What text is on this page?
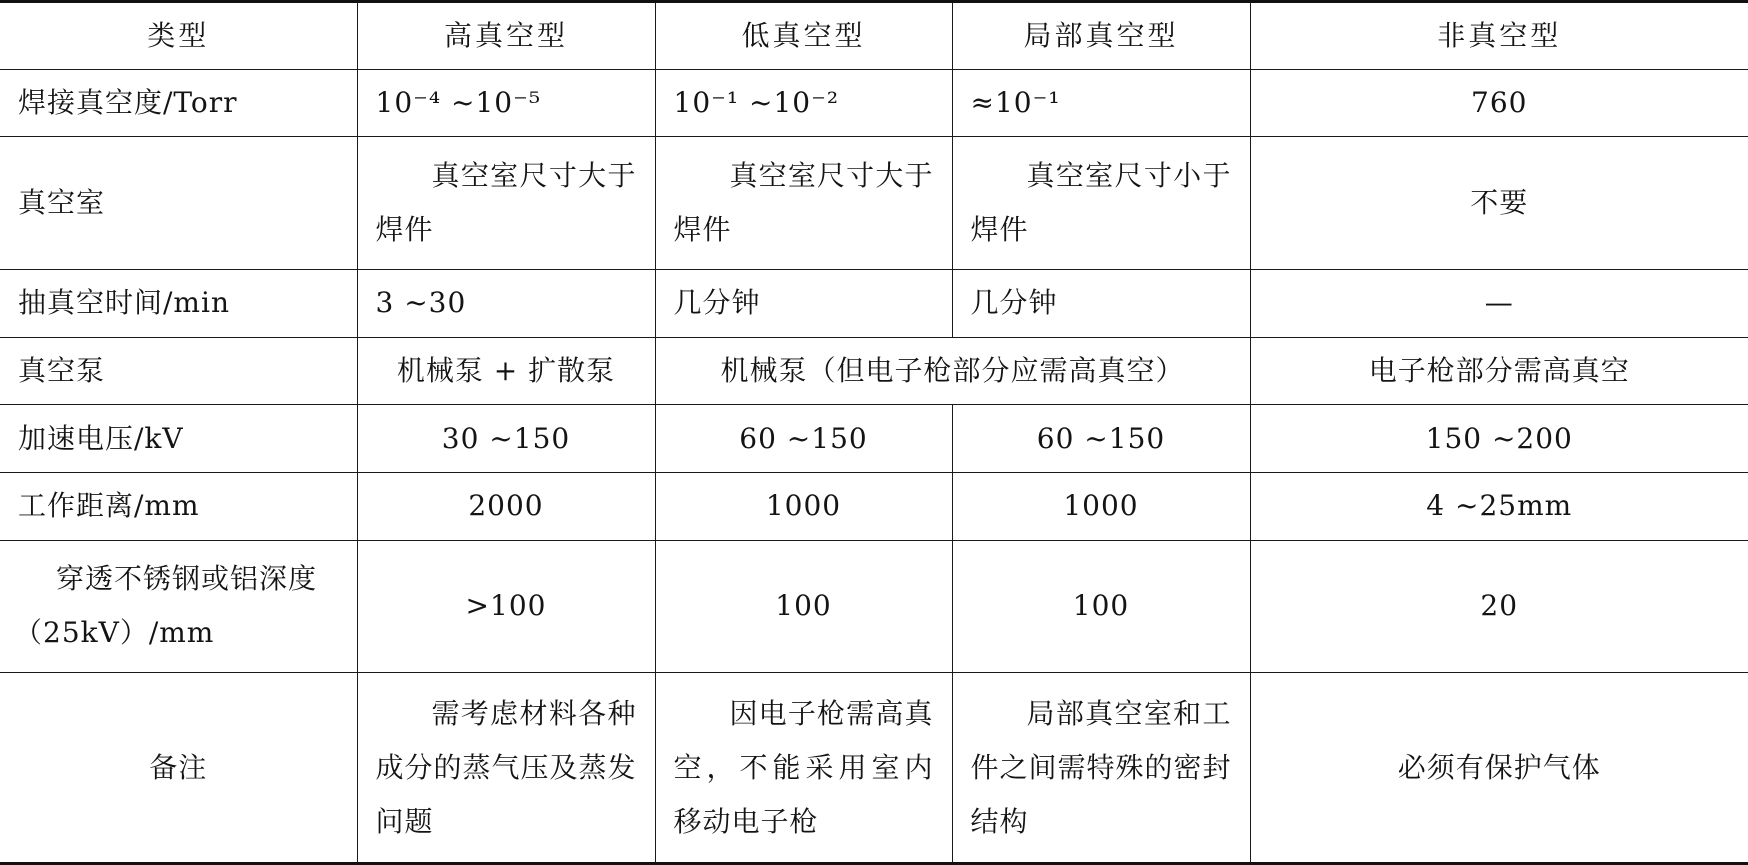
类型	高真空型	低真空型	局部真空型	非真空型
焊接真空度/Torr	10⁻⁴ ~10⁻⁵	10⁻¹ ~10⁻²	≈10⁻¹	760
真空室	真空室尺寸大于焊件	真空室尺寸大于焊件	真空室尺寸小于焊件	不要
抽真空时间/min	3 ~30	几分钟	几分钟	—
真空泵	机械泵 + 扩散泵	机械泵（但电子枪部分应需高真空）		电子枪部分需高真空
加速电压/kV	30 ~150	60 ~150	60 ~150	150 ~200
工作距离/mm	2000	1000	1000	4 ~25mm
穿透不锈钢或铝深度（25kV）/mm	>100	100	100	20
备注	需考虑材料各种成分的蒸气压及蒸发问题	因电子枪需高真空，不能采用室内移动电子枪	局部真空室和工件之间需特殊的密封结构	必须有保护气体
